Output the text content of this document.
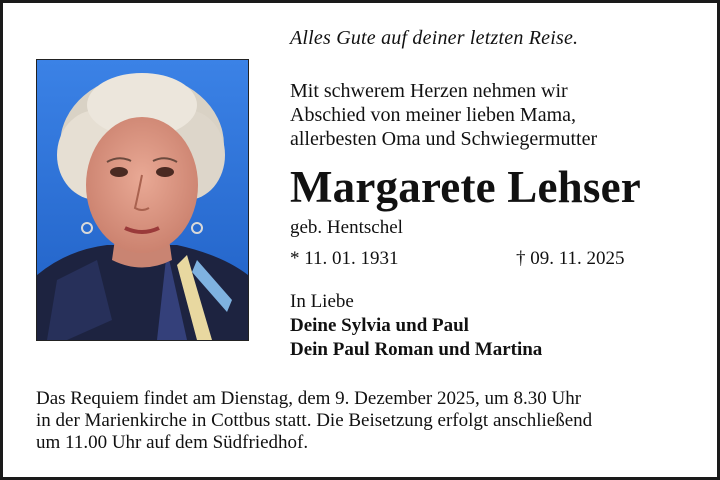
Alles Gute auf deiner letzten Reise.
Mit schwerem Herzen nehmen wir
Abschied von meiner lieben Mama,
allerbesten Oma und Schwiegermutter
Margarete Lehser
geb. Hentschel
* 11. 01. 1931	† 09. 11. 2025
In Liebe
Deine Sylvia und Paul
Dein Paul Roman und Martina
Das Requiem findet am Dienstag, dem 9. Dezember 2025, um 8.30 Uhr
in der Marienkirche in Cottbus statt. Die Beisetzung erfolgt anschließend
um 11.00 Uhr auf dem Südfriedhof.
